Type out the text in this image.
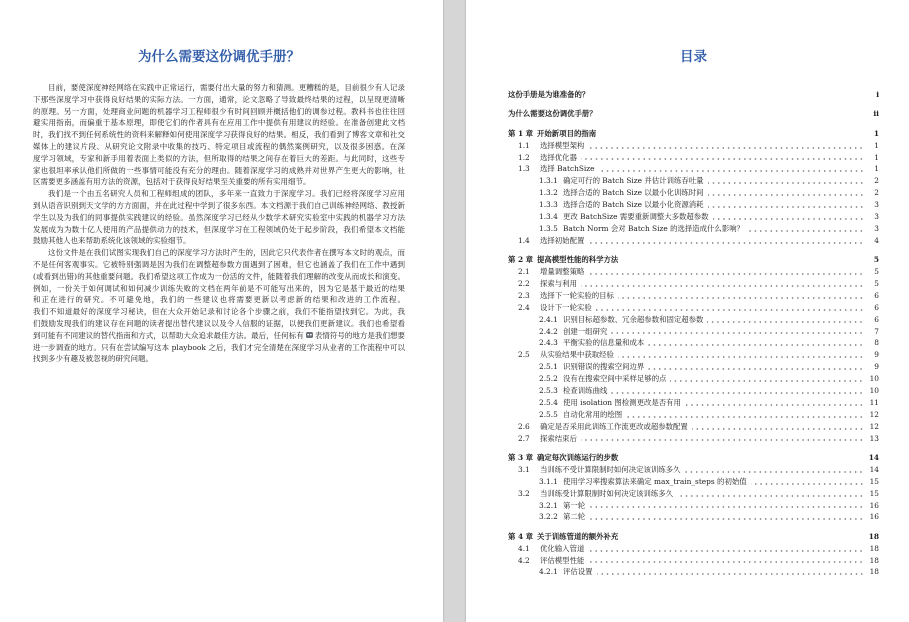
为什么需要这份调优手册？
目前，要使深度神经网络在实践中正常运行，需要付出大量的努力和猜测。更糟糕的是，目前很少有人记录
下那些深度学习中获得良好结果的实际方法。一方面，通常，论文忽略了导致最终结果的过程，以呈现更清晰
的原理。另一方面，处理商业问题的机器学习工程师很少有时间回顾并概括他们的调参过程。教科书也往往回
避实用指南，而偏重于基本原理，即使它们的作者具有在应用工作中提供有用建议的经验。在准备创建此文档
时，我们找不到任何系统性的资料来解释如何使用深度学习获得良好的结果。相反，我们看到了博客文章和社交
媒体上的建议片段、从研究论文附录中收集的技巧、特定项目或流程的偶然案例研究，以及很多困惑。在深
度学习领域，专家和新手用着表面上类似的方法，但所取得的结果之间存在着巨大的差距。与此同时，这些专
家也很坦率承认他们所做的一些事情可能没有充分的理由。随着深度学习的成熟并对世界产生更大的影响，社
区需要更多涵盖有用方法的资源，包括对于获得良好结果至关重要的所有实用细节。
我们是一个由五名研究人员和工程师组成的团队，多年来一直致力于深度学习。我们已经将深度学习应用
到从语音识别到天文学的方方面面，并在此过程中学到了很多东西。本文档源于我们自己训练神经网络、教授新
学生以及为我们的同事提供实践建议的经验。虽然深度学习已经从少数学术研究实验室中实践的机器学习方法
发展成为为数十亿人使用的产品提供动力的技术，但深度学习在工程领域仍处于起步阶段，我们希望本文档能
鼓励其他人也来帮助系统化该领域的实验细节。
这份文件是在我们试图实现我们自己的深度学习方法时产生的，因此它只代表作者在撰写本文时的观点，而
不是任何客观事实。它被特别强调是因为我们在调整超参数方面遇到了困难，但它也涵盖了我们在工作中遇到
(或看到出错)的其他重要问题。我们希望这项工作成为一份活的文件，能随着我们理解的改变从而成长和演变。
例如，一份关于如何调试和如何减少训练失败的文档在两年前是不可能写出来的，因为它是基于最近的结果
和正在进行的研究。不可避免地，我们的一些建议也将需要更新以考虑新的结果和改进的工作流程。
我们不知道最好的深度学习秘诀，但在大众开始记录和讨论各个步骤之前，我们不能指望找到它。为此，我
们鼓励发现我们的建议存在问题的读者提出替代建议以及令人信服的证据，以便我们更新建议。我们也希望看
到可能有不同建议的替代指南和方式，以帮助大众追求最佳方法。最后，任何标有 表情符号的地方是我们想要
进一步调查的地方。只有在尝试编写这本 playbook 之后，我们才完全清楚在深度学习从业者的工作流程中可以
找到多少有趣及被忽视的研究问题。
目录
这份手册是为谁准备的？	i
为什么需要这份调优手册？	ii
第 1 章 开始新项目的指南	1
1.1	选择模型架构	1
1.2	选择优化器	1
1.3	选择 BatchSize	1
1.3.1 确定可行的 Batch Size 并估计训练吞吐量	2
1.3.2 选择合适的 Batch Size 以最小化训练时间	2
1.3.3 选择合适的 Batch Size 以最小化资源消耗	3
1.3.4 更改 BatchSize 需要重新调整大多数超参数	3
1.3.5 Batch Norm 会对 Batch Size 的选择造成什么影响？	3
1.4	选择初始配置	4
第 2 章 提高模型性能的科学方法	5
2.1	增量调整策略	5
2.2	探索与利用	5
2.3	选择下一轮实验的目标	6
2.4	设计下一轮实验	6
2.4.1 识别目标超参数、冗余超参数和固定超参数	6
2.4.2 创建一组研究	7
2.4.3 平衡实验的信息量和成本	8
2.5	从实验结果中获取经验	9
2.5.1 识别错误的搜索空间边界	9
2.5.2 没有在搜索空间中采样足够的点	10
2.5.3 检查训练曲线	10
2.5.4 使用 isolation 图检测更改是否有用	11
2.5.5 自动化常用的绘图	12
2.6	确定是否采用此训练工作流更改或超参数配置	12
2.7	探索结束后	13
第 3 章 确定每次训练运行的步数	14
3.1	当训练不受计算限制时如何决定该训练多久	14
3.1.1 使用学习率搜索算法来确定 max_train_steps 的初始值	15
3.2	当训练受计算限制时如何决定该训练多久	15
3.2.1 第一轮	16
3.2.2 第二轮	16
第 4 章 关于训练管道的额外补充	18
4.1	优化输入管道	18
4.2	评估模型性能	18
4.2.1 评估设置	18
